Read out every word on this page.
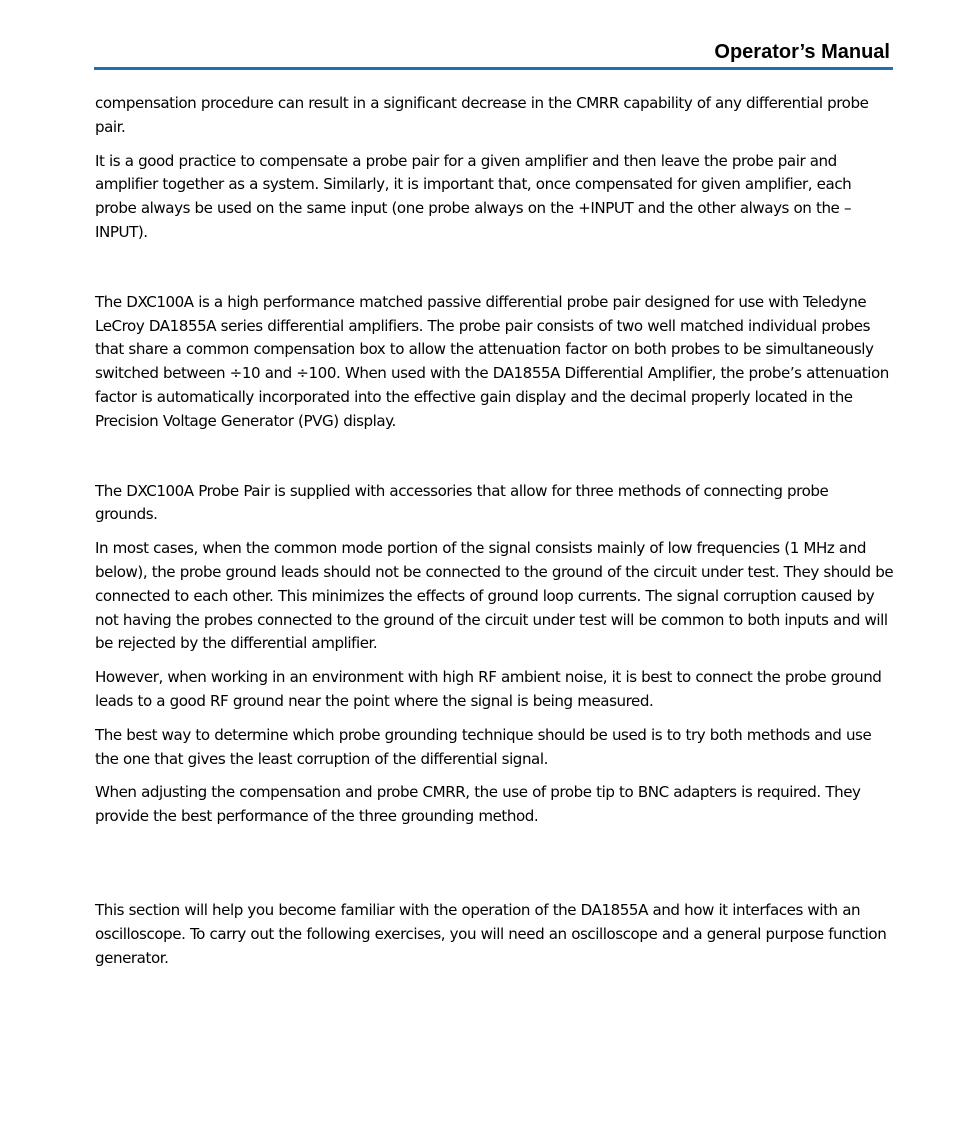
Operator’s Manual

compensation procedure can result in a significant decrease in the CMRR capability of any differential probe pair.

It is a good practice to compensate a probe pair for a given amplifier and then leave the probe pair and amplifier together as a system. Similarly, it is important that, once compensated for given amplifier, each probe always be used on the same input (one probe always on the +INPUT and the other always on the –INPUT).

The DXC100A is a high performance matched passive differential probe pair designed for use with Teledyne LeCroy DA1855A series differential amplifiers. The probe pair consists of two well matched individual probes that share a common compensation box to allow the attenuation factor on both probes to be simultaneously switched between ÷10 and ÷100. When used with the DA1855A Differential Amplifier, the probe’s attenuation factor is automatically incorporated into the effective gain display and the decimal properly located in the Precision Voltage Generator (PVG) display.

The DXC100A Probe Pair is supplied with accessories that allow for three methods of connecting probe grounds.

In most cases, when the common mode portion of the signal consists mainly of low frequencies (1 MHz and below), the probe ground leads should not be connected to the ground of the circuit under test. They should be connected to each other. This minimizes the effects of ground loop currents. The signal corruption caused by not having the probes connected to the ground of the circuit under test will be common to both inputs and will be rejected by the differential amplifier.

However, when working in an environment with high RF ambient noise, it is best to connect the probe ground leads to a good RF ground near the point where the signal is being measured.

The best way to determine which probe grounding technique should be used is to try both methods and use the one that gives the least corruption of the differential signal.

When adjusting the compensation and probe CMRR, the use of probe tip to BNC adapters is required. They provide the best performance of the three grounding method.

This section will help you become familiar with the operation of the DA1855A and how it interfaces with an oscilloscope. To carry out the following exercises, you will need an oscilloscope and a general purpose function generator.
